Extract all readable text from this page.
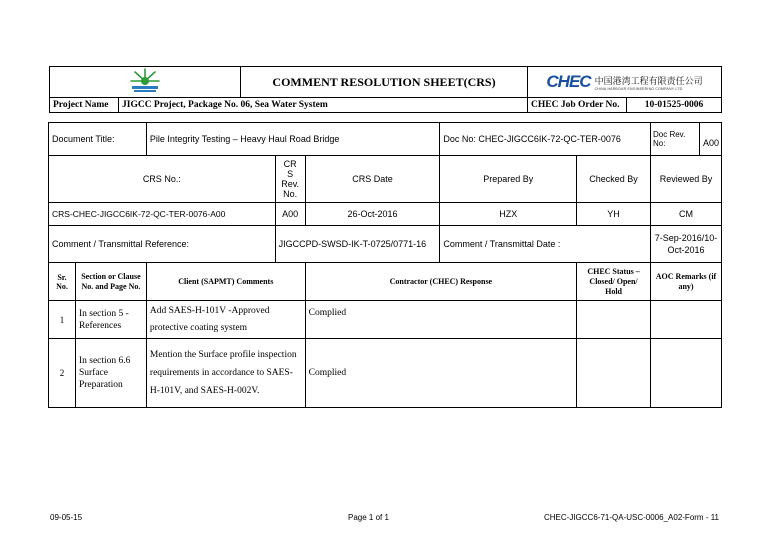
	COMMENT RESOLUTION SHEET(CRS)	CHEC 中国港湾工程有限责任公司
CHINA HARBOUR ENGINEERING COMPANY LTD.	

Project Name	JIGCC Project, Package No. 06, Sea Water System		CHEC Job Order No.	10-01525-0006
Document Title:		Pile Integrity Testing – Heavy Haul Road Bridge			Doc No: CHEC-JIGCC6IK-72-QC-TER-0076		Doc Rev. No: A00
CRS No.:			CR
S
Rev.
No.	CRS Date	Prepared By	Checked By	Reviewed By
CRS-CHEC-JIGCC6IK-72-QC-TER-0076-A00			A00	26-Oct-2016	HZX	YH	CM
Comment / Transmittal Reference:			JIGCCPD-SWSD-IK-T-0725/0771-16		Comment / Transmittal Date :		7-Sep-2016/10-Oct-2016
Sr. No.	Section or Clause No. and Page No.	Client (SAPMT) Comments		Contractor (CHEC) Response		CHEC Status – Closed/ Open/ Hold	AOC Remarks (if any)
1	In section 5 -References	Add SAES-H-101V -Approved protective coating system		Complied			
2	In section 6.6 Surface Preparation	Mention the Surface profile inspection requirements in accordance to SAES-H-101V, and SAES-H-002V.		Complied			
09-05-15	Page 1 of 1	CHEC-JIGCC6-71-QA-USC-0006_A02-Form - 11
